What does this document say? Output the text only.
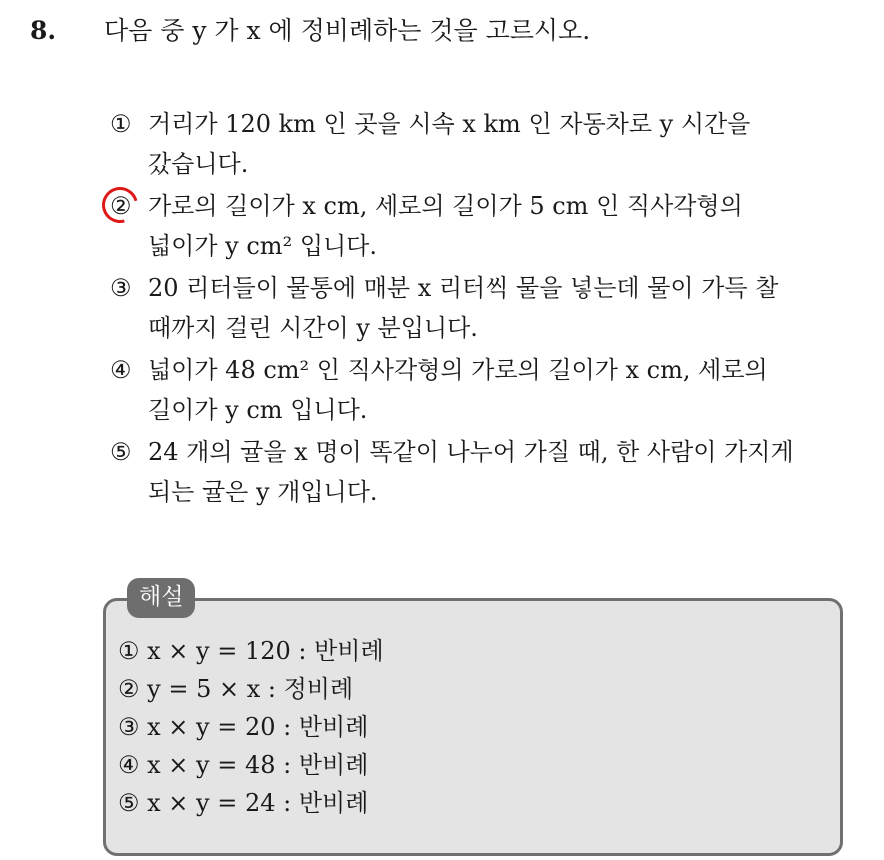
8. 다음 중 y 가 x 에 정비례하는 것을 고르시오.
① 거리가 120 km 인 곳을 시속 x km 인 자동차로 y 시간을
갔습니다.
② 가로의 길이가 x cm, 세로의 길이가 5 cm 인 직사각형의
넓이가 y cm² 입니다.
③ 20 리터들이 물통에 매분 x 리터씩 물을 넣는데 물이 가득 찰
때까지 걸린 시간이 y 분입니다.
④ 넓이가 48 cm² 인 직사각형의 가로의 길이가 x cm, 세로의
길이가 y cm 입니다.
⑤ 24 개의 귤을 x 명이 똑같이 나누어 가질 때, 한 사람이 가지게
되는 귤은 y 개입니다.
해설
① x × y = 120 : 반비례
② y = 5 × x : 정비례
③ x × y = 20 : 반비례
④ x × y = 48 : 반비례
⑤ x × y = 24 : 반비례
